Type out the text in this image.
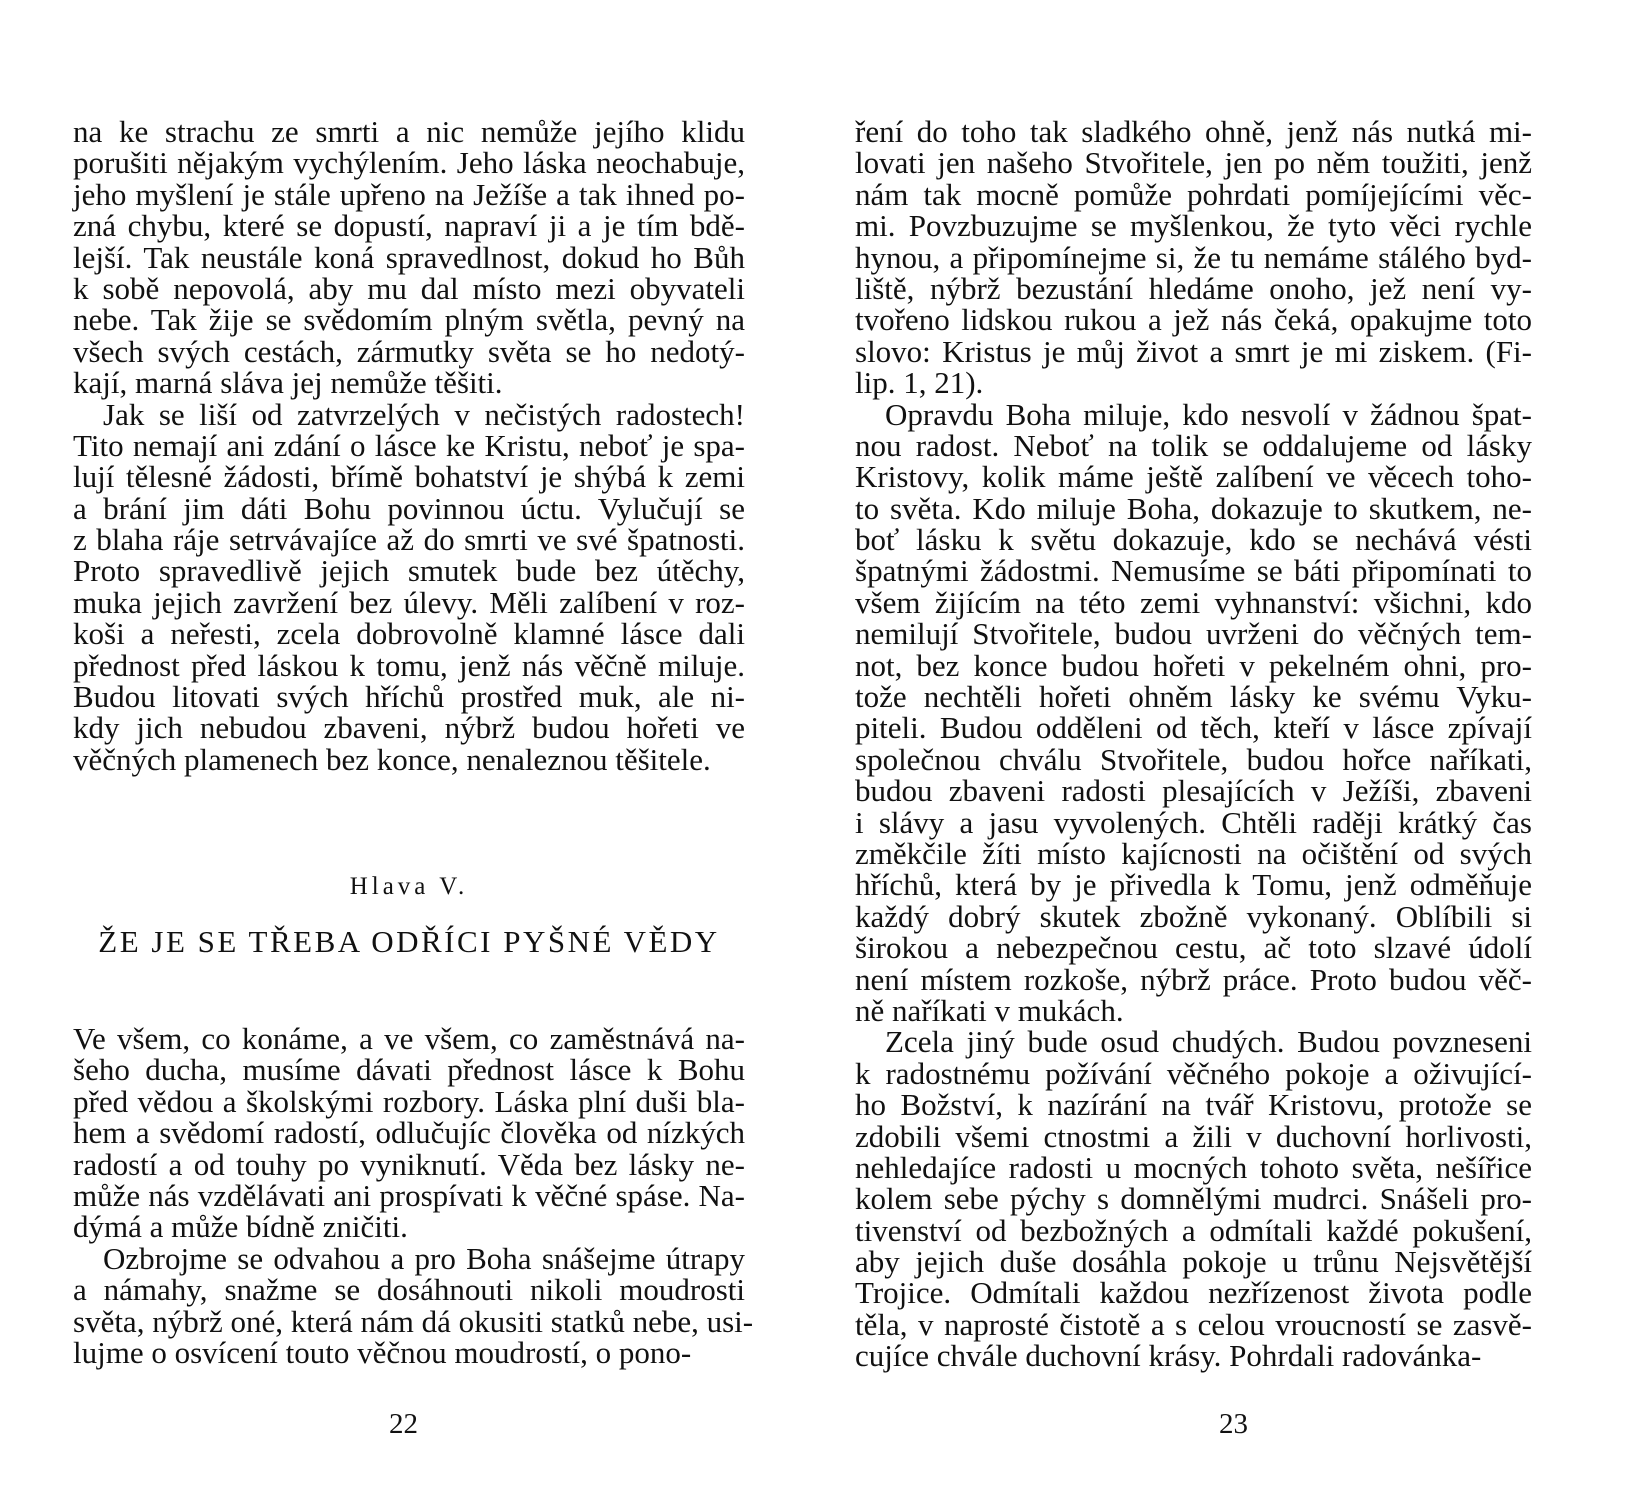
na ke strachu ze smrti a nic nemůže jejího klidu
porušiti nějakým vychýlením. Jeho láska neochabuje,
jeho myšlení je stále upřeno na Ježíše a tak ihned po-
zná chybu, které se dopustí, napraví ji a je tím bdě-
lejší. Tak neustále koná spravedlnost, dokud ho Bůh
k sobě nepovolá, aby mu dal místo mezi obyvateli
nebe. Tak žije se svědomím plným světla, pevný na
všech svých cestách, zármutky světa se ho nedotý-
kají, marná sláva jej nemůže těšiti.
Jak se liší od zatvrzelých v nečistých radostech!
Tito nemají ani zdání o lásce ke Kristu, neboť je spa-
lují tělesné žádosti, břímě bohatství je shýbá k zemi
a brání jim dáti Bohu povinnou úctu. Vylučují se
z blaha ráje setrvávajíce až do smrti ve své špatnosti.
Proto spravedlivě jejich smutek bude bez útěchy,
muka jejich zavržení bez úlevy. Měli zalíbení v roz-
koši a neřesti, zcela dobrovolně klamné lásce dali
přednost před láskou k tomu, jenž nás věčně miluje.
Budou litovati svých hříchů prostřed muk, ale ni-
kdy jich nebudou zbaveni, nýbrž budou hořeti ve
věčných plamenech bez konce, nenaleznou těšitele.
Hlava V.
ŽE JE SE TŘEBA ODŘÍCI PYŠNÉ VĚDY
Ve všem, co konáme, a ve všem, co zaměstnává na-
šeho ducha, musíme dávati přednost lásce k Bohu
před vědou a školskými rozbory. Láska plní duši bla-
hem a svědomí radostí, odlučujíc člověka od nízkých
radostí a od touhy po vyniknutí. Věda bez lásky ne-
může nás vzdělávati ani prospívati k věčné spáse. Na-
dýmá a může bídně zničiti.
Ozbrojme se odvahou a pro Boha snášejme útrapy
a námahy, snažme se dosáhnouti nikoli moudrosti
světa, nýbrž oné, která nám dá okusiti statků nebe, usi-
lujme o osvícení touto věčnou moudrostí, o pono-
22
ření do toho tak sladkého ohně, jenž nás nutká mi-
lovati jen našeho Stvořitele, jen po něm toužiti, jenž
nám tak mocně pomůže pohrdati pomíjejícími věc-
mi. Povzbuzujme se myšlenkou, že tyto věci rychle
hynou, a připomínejme si, že tu nemáme stálého byd-
liště, nýbrž bezustání hledáme onoho, jež není vy-
tvořeno lidskou rukou a jež nás čeká, opakujme toto
slovo: Kristus je můj život a smrt je mi ziskem. (Fi-
lip. 1, 21).
Opravdu Boha miluje, kdo nesvolí v žádnou špat-
nou radost. Neboť na tolik se oddalujeme od lásky
Kristovy, kolik máme ještě zalíbení ve věcech toho-
to světa. Kdo miluje Boha, dokazuje to skutkem, ne-
boť lásku k světu dokazuje, kdo se nechává vésti
špatnými žádostmi. Nemusíme se báti připomínati to
všem žijícím na této zemi vyhnanství: všichni, kdo
nemilují Stvořitele, budou uvrženi do věčných tem-
not, bez konce budou hořeti v pekelném ohni, pro-
tože nechtěli hořeti ohněm lásky ke svému Vyku-
piteli. Budou odděleni od těch, kteří v lásce zpívají
společnou chválu Stvořitele, budou hořce naříkati,
budou zbaveni radosti plesajících v Ježíši, zbaveni
i slávy a jasu vyvolených. Chtěli raději krátký čas
změkčile žíti místo kajícnosti na očištění od svých
hříchů, která by je přivedla k Tomu, jenž odměňuje
každý dobrý skutek zbožně vykonaný. Oblíbili si
širokou a nebezpečnou cestu, ač toto slzavé údolí
není místem rozkoše, nýbrž práce. Proto budou věč-
ně naříkati v mukách.
Zcela jiný bude osud chudých. Budou povzneseni
k radostnému požívání věčného pokoje a oživující-
ho Božství, k nazírání na tvář Kristovu, protože se
zdobili všemi ctnostmi a žili v duchovní horlivosti,
nehledajíce radosti u mocných tohoto světa, nešířice
kolem sebe pýchy s domnělými mudrci. Snášeli pro-
tivenství od bezbožných a odmítali každé pokušení,
aby jejich duše dosáhla pokoje u trůnu Nejsvětější
Trojice. Odmítali každou nezřízenost života podle
těla, v naprosté čistotě a s celou vroucností se zasvě-
cujíce chvále duchovní krásy. Pohrdali radovánka-
23
